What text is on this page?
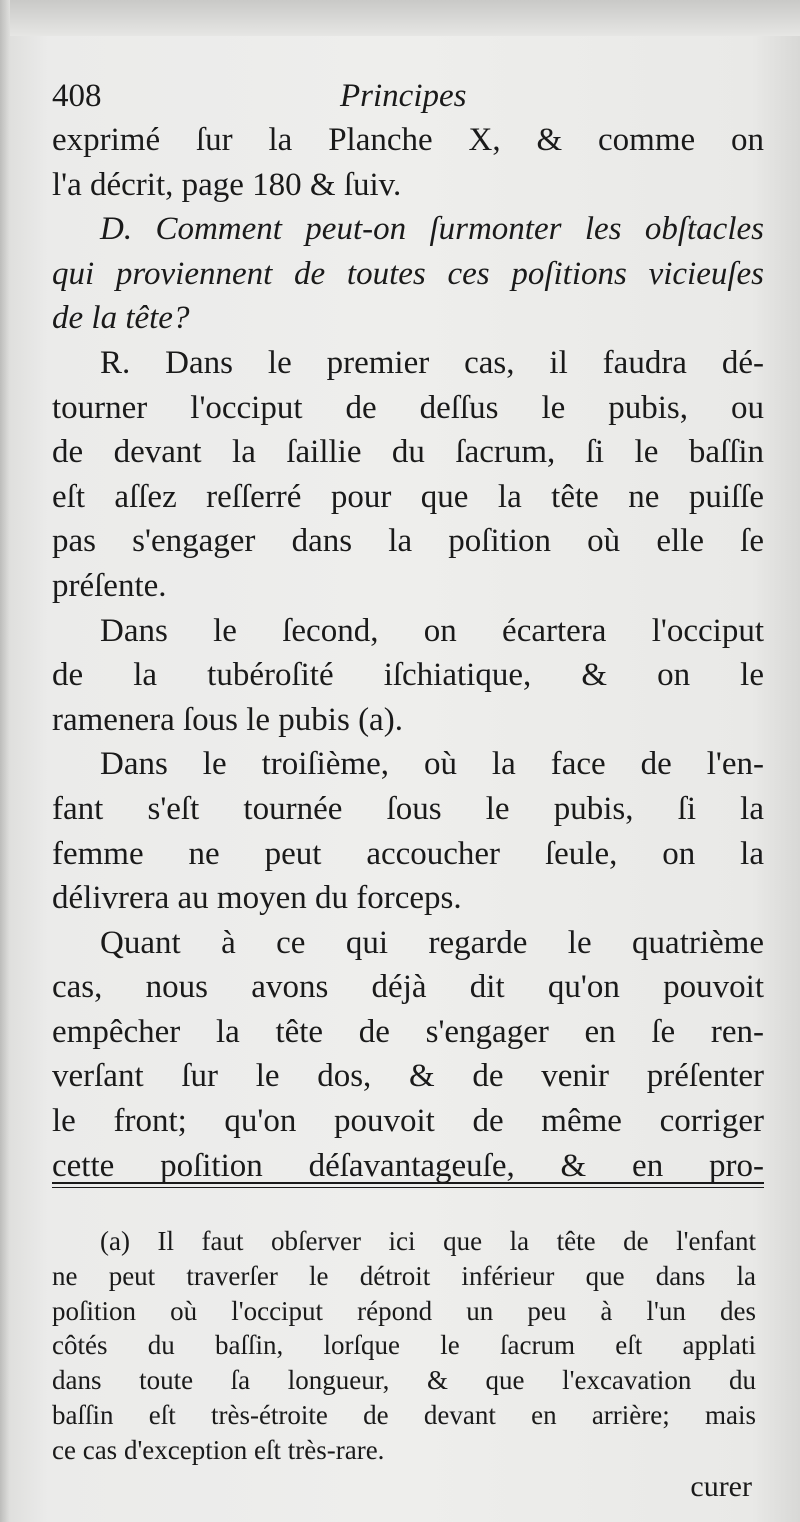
408	Principes
exprimé ſur la Planche X, & comme on
l'a décrit, page 180 & ſuiv.
D. Comment peut-on ſurmonter les obſtacles
qui proviennent de toutes ces poſitions vicieuſes
de la tête?
R. Dans le premier cas, il faudra dé-
tourner l'occiput de deſſus le pubis, ou
de devant la ſaillie du ſacrum, ſi le baſſin
eſt aſſez reſſerré pour que la tête ne puiſſe
pas s'engager dans la poſition où elle ſe
préſente.
Dans le ſecond, on écartera l'occiput
de la tubéroſité iſchiatique, & on le
ramenera ſous le pubis (a).
Dans le troiſième, où la face de l'en-
fant s'eſt tournée ſous le pubis, ſi la
femme ne peut accoucher ſeule, on la
délivrera au moyen du forceps.
Quant à ce qui regarde le quatrième
cas, nous avons déjà dit qu'on pouvoit
empêcher la tête de s'engager en ſe ren-
verſant ſur le dos, & de venir préſenter
le front; qu'on pouvoit de même corriger
cette poſition déſavantageuſe, & en pro-
(a) Il faut obſerver ici que la tête de l'enfant
ne peut traverſer le détroit inférieur que dans la
poſition où l'occiput répond un peu à l'un des
côtés du baſſin, lorſque le ſacrum eſt applati
dans toute ſa longueur, & que l'excavation du
baſſin eſt très-étroite de devant en arrière; mais
ce cas d'exception eſt très-rare.
curer
